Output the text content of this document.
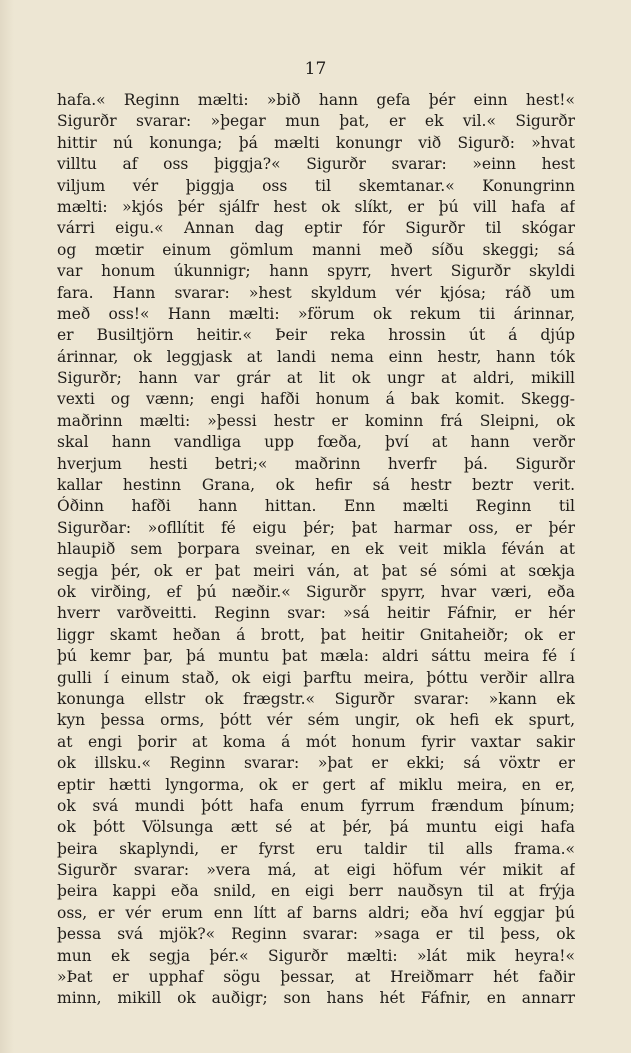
17
hafa.« Reginn mælti: »bið hann gefa þér einn hest!«
Sigurðr svarar: »þegar mun þat, er ek vil.« Sigurðr
hittir nú konunga; þá mælti konungr við Sigurð: »hvat
villtu af oss þiggja?« Sigurðr svarar: »einn hest
viljum vér þiggja oss til skemtanar.« Konungrinn
mælti: »kjós þér sjálfr hest ok slíkt, er þú vill hafa af
várri eigu.« Annan dag eptir fór Sigurðr til skógar
og mœtir einum gömlum manni með síðu skeggi; sá
var honum úkunnigr; hann spyrr, hvert Sigurðr skyldi
fara. Hann svarar: »hest skyldum vér kjósa; ráð um
með oss!« Hann mælti: »förum ok rekum tii árinnar,
er Busiltjörn heitir.« Þeir reka hrossin út á djúp
árinnar, ok leggjask at landi nema einn hestr, hann tók
Sigurðr; hann var grár at lit ok ungr at aldri, mikill
vexti og vænn; engi hafði honum á bak komit. Skegg-
maðrinn mælti: »þessi hestr er kominn frá Sleipni, ok
skal hann vandliga upp fœða, því at hann verðr
hverjum hesti betri;« maðrinn hverfr þá. Sigurðr
kallar hestinn Grana, ok hefir sá hestr beztr verit.
Óðinn hafði hann hittan. Enn mælti Reginn til
Sigurðar: »ofllítit fé eigu þér; þat harmar oss, er þér
hlaupið sem þorpara sveinar, en ek veit mikla féván at
segja þér, ok er þat meiri ván, at þat sé sómi at sœkja
ok virðing, ef þú næðir.« Sigurðr spyrr, hvar væri, eða
hverr varðveitti. Reginn svar: »sá heitir Fáfnir, er hér
liggr skamt heðan á brott, þat heitir Gnitaheiðr; ok er
þú kemr þar, þá muntu þat mæla: aldri sáttu meira fé í
gulli í einum stað, ok eigi þarftu meira, þóttu verðir allra
konunga ellstr ok frægstr.« Sigurðr svarar: »kann ek
kyn þessa orms, þótt vér sém ungir, ok hefi ek spurt,
at engi þorir at koma á mót honum fyrir vaxtar sakir
ok illsku.« Reginn svarar: »þat er ekki; sá vöxtr er
eptir hætti lyngorma, ok er gert af miklu meira, en er,
ok svá mundi þótt hafa enum fyrrum frændum þínum;
ok þótt Völsunga ætt sé at þér, þá muntu eigi hafa
þeira skaplyndi, er fyrst eru taldir til alls frama.«
Sigurðr svarar: »vera má, at eigi höfum vér mikit af
þeira kappi eða snild, en eigi berr nauðsyn til at frýja
oss, er vér erum enn lítt af barns aldri; eða hví eggjar þú
þessa svá mjök?« Reginn svarar: »saga er til þess, ok
mun ek segja þér.« Sigurðr mælti: »lát mik heyra!«
»Þat er upphaf sögu þessar, at Hreiðmarr hét faðir
minn, mikill ok auðigr; son hans hét Fáfnir, en annarr
